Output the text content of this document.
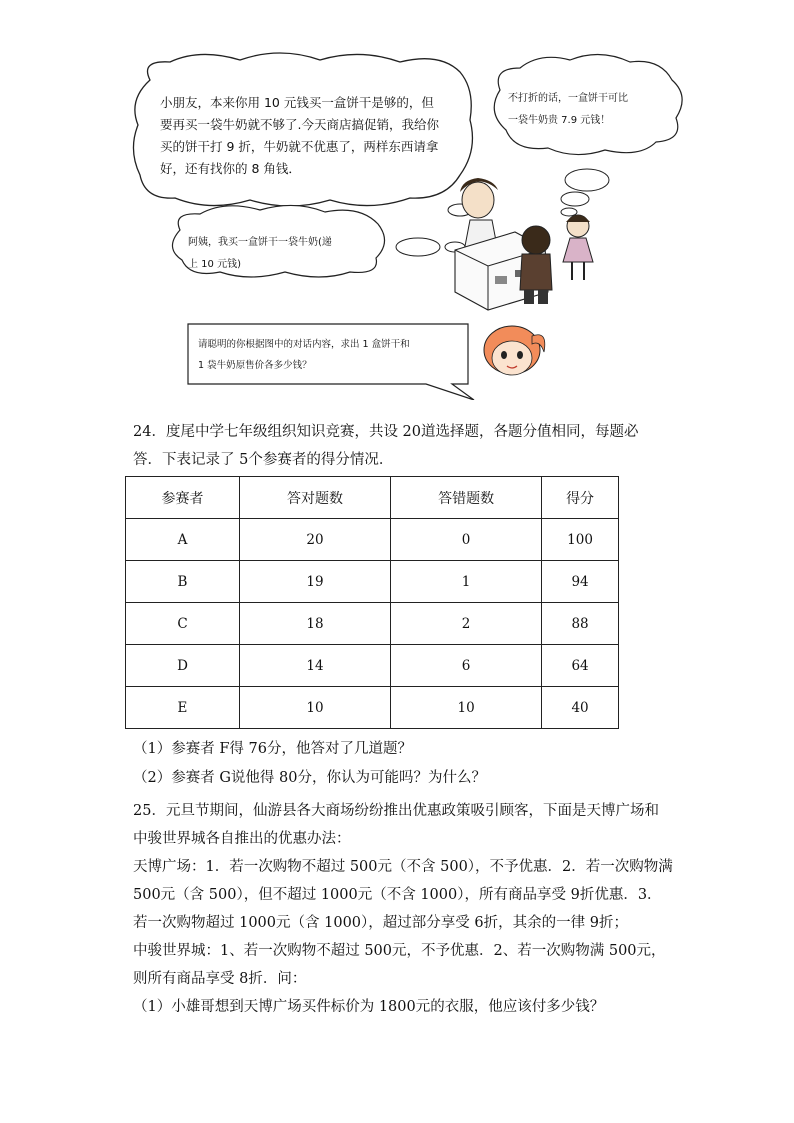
小朋友，本来你用 10 元钱买一盒饼干是够的，但
要再买一袋牛奶就不够了.今天商店搞促销，我给你
买的饼干打 9 折，牛奶就不优惠了，两样东西请拿
好，还有找你的 8 角钱．
不打折的话，一盒饼干可比
一袋牛奶贵 7.9 元钱！
阿姨，我买一盒饼干一袋牛奶(递
上 10 元钱)
请聪明的你根据图中的对话内容，求出 1 盒饼干和
1 袋牛奶原售价各多少钱？
24．度尾中学七年级组织知识竞赛，共设 20道选择题，各题分值相同，每题必答．下表记录了 5个参赛者的得分情况．
参赛者	答对题数	答错题数	得分
A	20	0	100
B	19	1	94
C	18	2	88
D	14	6	64
E	10	10	40
（1）参赛者 F得 76分，他答对了几道题？
（2）参赛者 G说他得 80分，你认为可能吗？为什么？
25．元旦节期间，仙游县各大商场纷纷推出优惠政策吸引顾客，下面是天博广场和中骏世界城各自推出的优惠办法：
天博广场：1．若一次购物不超过 500元（不含 500），不予优惠．2．若一次购物满 500元（含 500），但不超过 1000元（不含 1000），所有商品享受 9折优惠．3．若一次购物超过 1000元（含 1000），超过部分享受 6折，其余的一律 9折；
中骏世界城：1、若一次购物不超过 500元，不予优惠．2、若一次购物满 500元，则所有商品享受 8折．问：
（1）小雄哥想到天博广场买件标价为 1800元的衣服，他应该付多少钱？
